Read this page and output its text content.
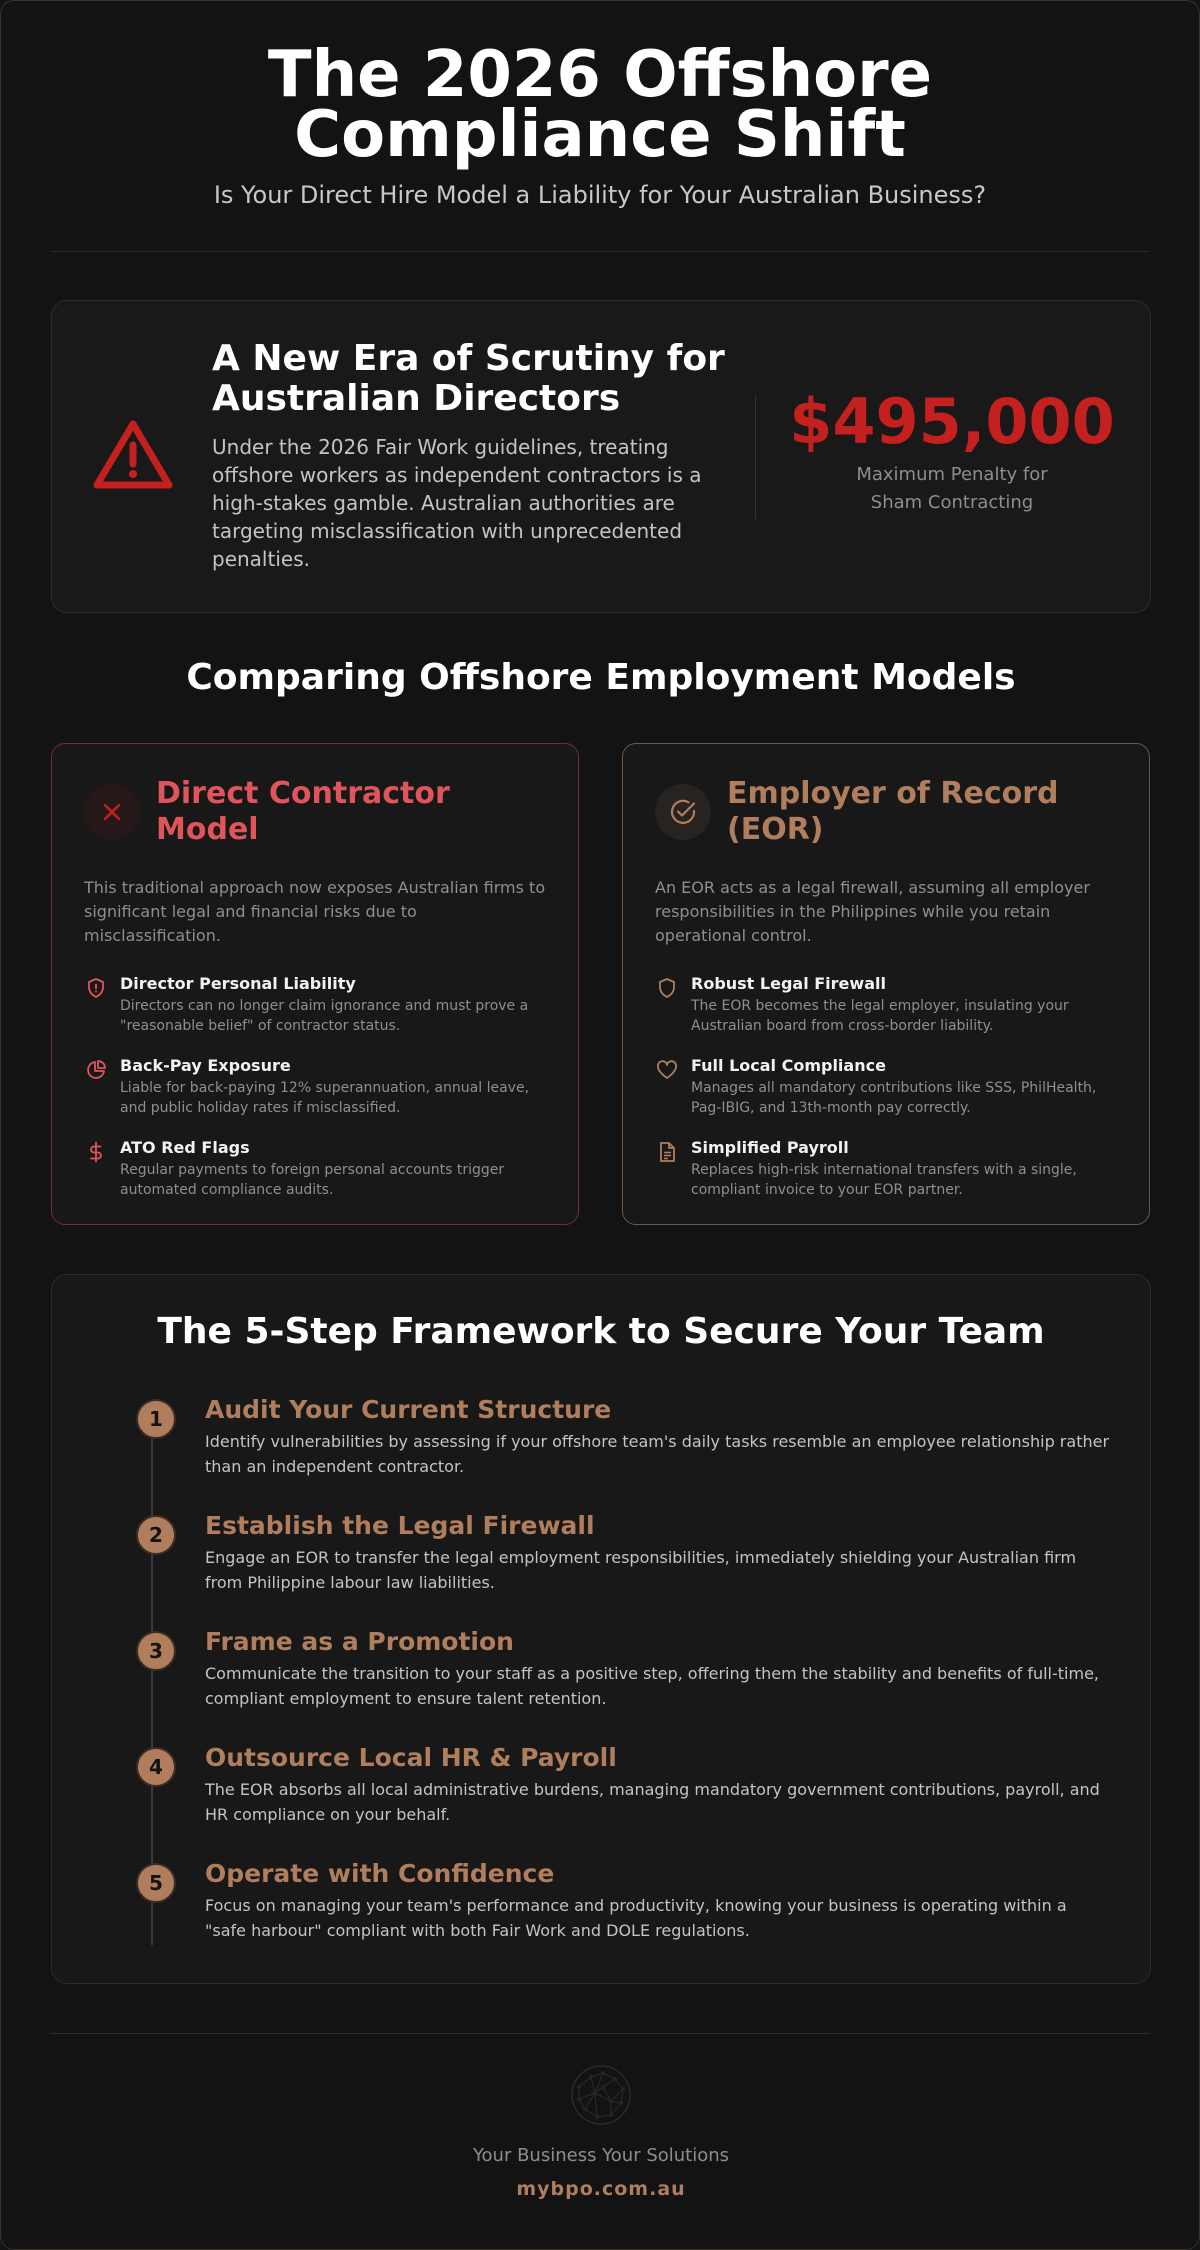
The 2026 Offshore Compliance Shift

Is Your Direct Hire Model a Liability for Your Australian Business?

A New Era of Scrutiny for Australian Directors

Under the 2026 Fair Work guidelines, treating offshore workers as independent contractors is a high-stakes gamble. Australian authorities are targeting misclassification with unprecedented penalties.

$495,000
Maximum Penalty for Sham Contracting
Comparing Offshore Employment Models
Direct Contractor Model

This traditional approach now exposes Australian firms to significant legal and financial risks due to misclassification.

Director Personal Liability
Directors can no longer claim ignorance and must prove a "reasonable belief" of contractor status.
Back-Pay Exposure
Liable for back-paying 12% superannuation, annual leave, and public holiday rates if misclassified.
ATO Red Flags
Regular payments to foreign personal accounts trigger automated compliance audits.
Employer of Record (EOR)

An EOR acts as a legal firewall, assuming all employer responsibilities in the Philippines while you retain operational control.

Robust Legal Firewall
The EOR becomes the legal employer, insulating your Australian board from cross-border liability.
Full Local Compliance
Manages all mandatory contributions like SSS, PhilHealth, Pag-IBIG, and 13th-month pay correctly.
Simplified Payroll
Replaces high-risk international transfers with a single, compliant invoice to your EOR partner.
The 5-Step Framework to Secure Your Team
1	Audit Your Current Structure
Identify vulnerabilities by assessing if your offshore team's daily tasks resemble an employee relationship rather than an independent contractor.
2	Establish the Legal Firewall
Engage an EOR to transfer the legal employment responsibilities, immediately shielding your Australian firm from Philippine labour law liabilities.
3	Frame as a Promotion
Communicate the transition to your staff as a positive step, offering them the stability and benefits of full-time, compliant employment to ensure talent retention.
4	Outsource Local HR & Payroll
The EOR absorbs all local administrative burdens, managing mandatory government contributions, payroll, and HR compliance on your behalf.
5	Operate with Confidence
Focus on managing your team's performance and productivity, knowing your business is operating within a "safe harbour" compliant with both Fair Work and DOLE regulations.
Your Business Your Solutions
mybpo.com.au
